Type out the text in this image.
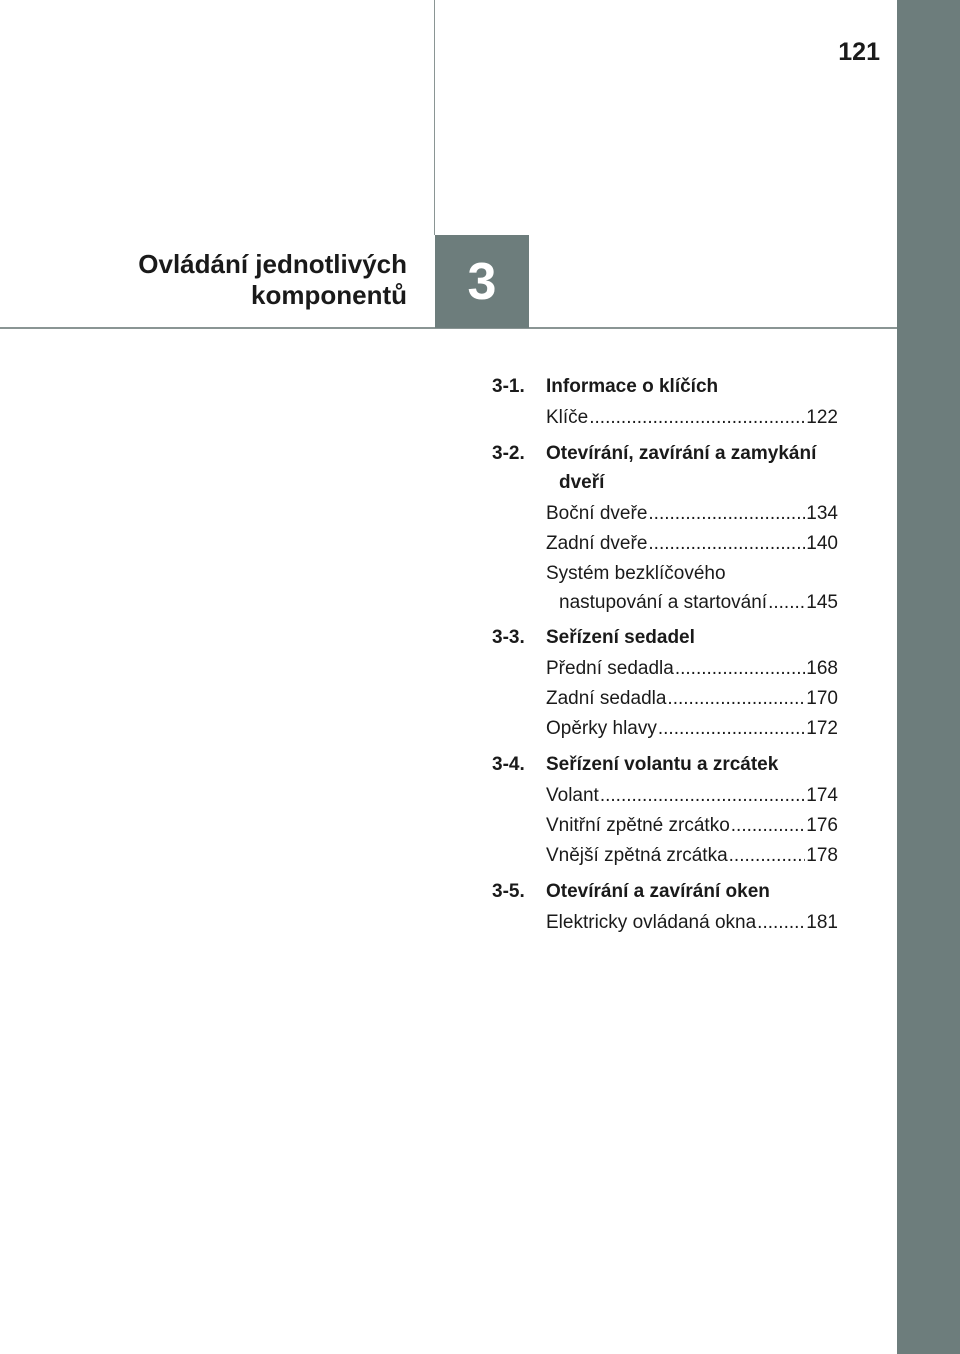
121
3
Ovládání jednotlivých
komponentů
3-1.	Informace o klíčích
Klíče .....	122
3-2.	Otevírání, zavírání a zamykání
dveří
Boční dveře .....	134
Zadní dveře .....	140
Systém bezklíčového
nastupování a startování ..... 145
3-3.	Seřízení sedadel
Přední sedadla .....	168
Zadní sedadla .....	170
Opěrky hlavy .....	172
3-4.	Seřízení volantu a zrcátek
Volant .....	174
Vnitřní zpětné zrcátko .....	176
Vnější zpětná zrcátka .....	178
3-5.	Otevírání a zavírání oken
Elektricky ovládaná okna .....	181
